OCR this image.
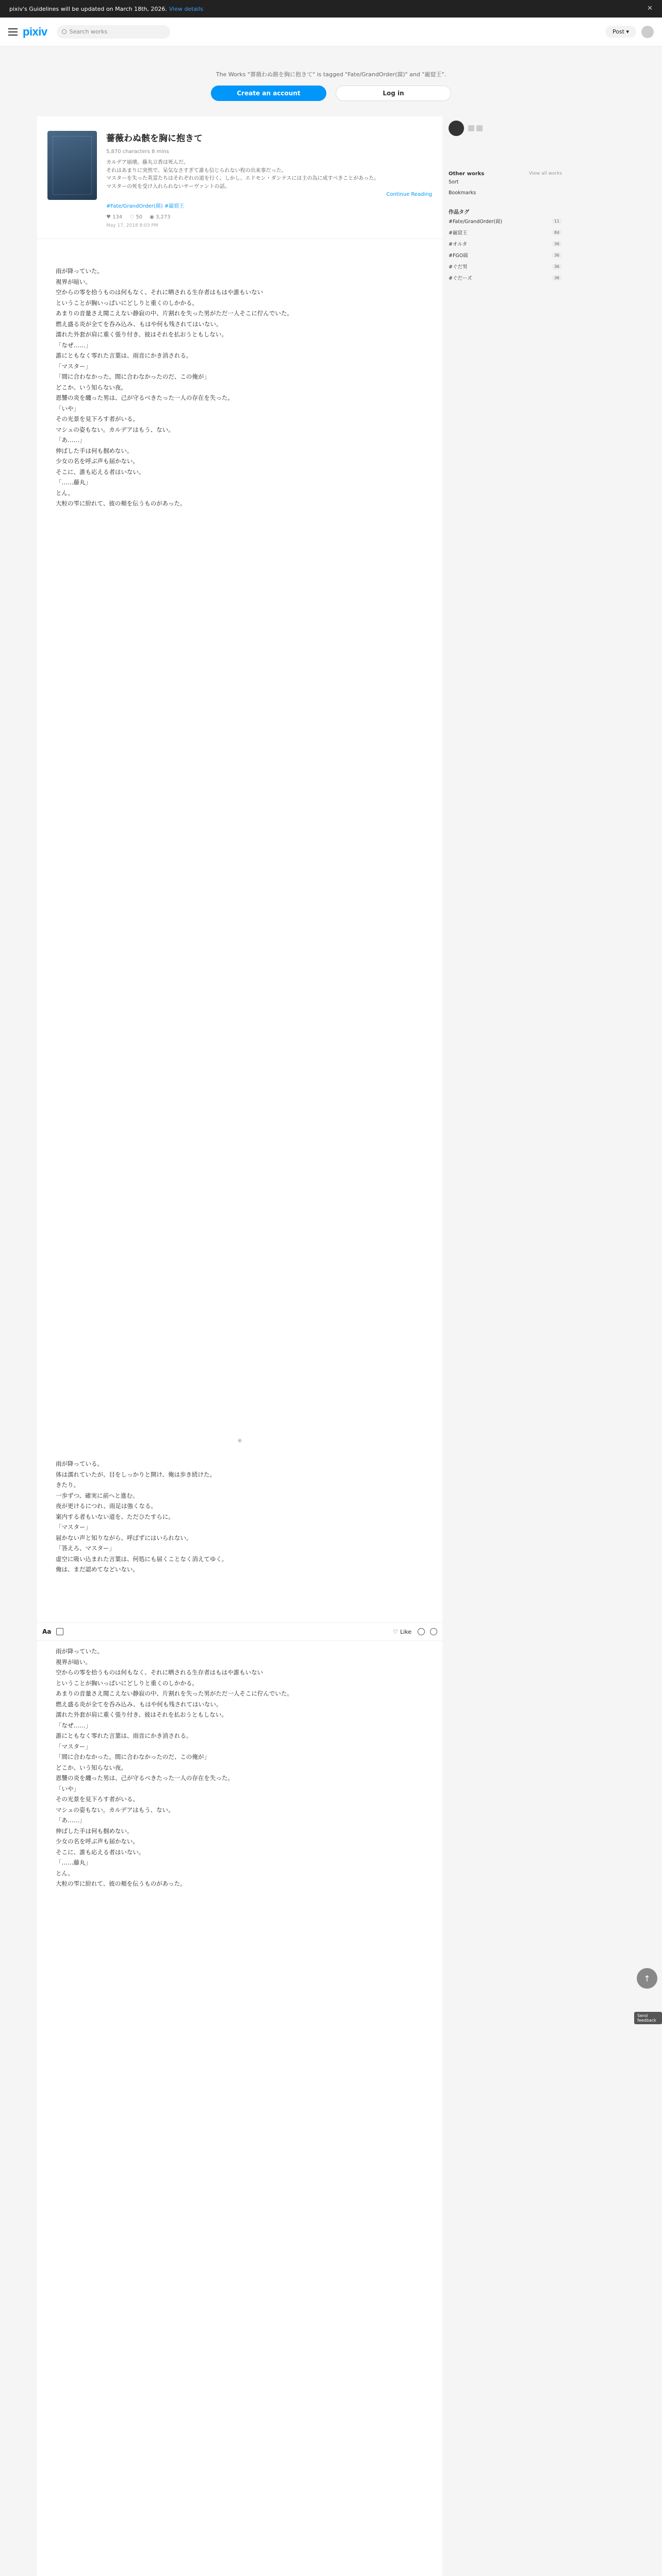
pixiv's Guidelines will be updated on March 18th, 2026. View details	✕
pixiv	Search works	Post ▾
The Works "薔薇わぬ骸を胸に抱きて" is tagged "Fate/GrandOrder(腐)" and "巌窟王".
Create an account	Log in
薔薇わぬ骸を胸に抱きて
5,870 characters 8 mins
カルデア崩壊。藤丸立香は死んだ。
それはあまりに突然で、呆気なさすぎて誰も信じられない程の出来事だった。
マスターを失った英霊たちはそれぞれの道を行く。しかし、エドモン・ダンテスには主の為に成すべきことがあった。
マスターの死を受け入れられないサーヴァントの話。
Continue Reading
#Fate/GrandOrder(腐) #巌窟王
♥ 134 ♡ 50 ◉ 3,273
May 17, 2018 8:03 PM
雨が降っていた。
視界が暗い。
空からの零を拾うものは何もなく、それに晒される生存者はもはや誰もいない
ということが胸いっぱいにどしりと重くのしかかる。
あまりの音量さえ聞こえない静寂の中、片割れを失った男がただ一人そこに佇んでいた。
燃え盛る炎が全てを呑み込み、もはや何も残されてはいない。
濡れた外套が肩に重く張り付き、彼はそれを払おうともしない。
「なぜ……」
誰にともなく零れた言葉は、雨音にかき消される。
「マスター」
「間に合わなかった。間に合わなかったのだ、この俺が」
どこか、いう知らない夜。
恩讐の炎を纏った男は、己が守るべきたった一人の存在を失った。
「いや」
その光景を見下ろす者がいる。
マシュの姿もない。カルデアはもう、ない。
「あ……」
伸ばした手は何も掴めない。
少女の名を呼ぶ声も届かない。
そこに、誰も応える者はいない。
「……藤丸」
とん。
大粒の雫に紛れて、彼の頬を伝うものがあった。
※
雨が降っている。
体は濡れていたが、目をしっかりと開け、俺は歩き続けた。
きたり。
一歩ずつ、確実に前へと進む。
夜が更けるにつれ、雨足は強くなる。
案内する者もいない道を、ただひたすらに。
「マスター」
届かない声と知りながら、呼ばずにはいられない。
「答えろ、マスター」
虚空に吸い込まれた言葉は、何処にも届くことなく消えてゆく。
俺は、まだ認めてなどいない。
Aa	♡ Like
雨が降っていた。
視界が暗い。
空からの零を拾うものは何もなく、それに晒される生存者はもはや誰もいない
ということが胸いっぱいにどしりと重くのしかかる。
あまりの音量さえ聞こえない静寂の中、片割れを失った男がただ一人そこに佇んでいた。
燃え盛る炎が全てを呑み込み、もはや何も残されてはいない。
濡れた外套が肩に重く張り付き、彼はそれを払おうともしない。
「なぜ……」
誰にともなく零れた言葉は、雨音にかき消される。
「マスター」
「間に合わなかった。間に合わなかったのだ、この俺が」
どこか、いう知らない夜。
恩讐の炎を纏った男は、己が守るべきたった一人の存在を失った。
「いや」
その光景を見下ろす者がいる。
マシュの姿もない。カルデアはもう、ない。
「あ……」
伸ばした手は何も掴めない。
少女の名を呼ぶ声も届かない。
そこに、誰も応える者はいない。
「……藤丸」
とん。
大粒の雫に紛れて、彼の頬を伝うものがあった。
Other works	View all works
Sort
Bookmarks
作品タグ
#Fate/GrandOrder(腐)	11
#巌窟王	84
#オルタ	36
#FGO腐	36
#ぐだ男	36
#ぐだーズ	36
↑
Send feedback
